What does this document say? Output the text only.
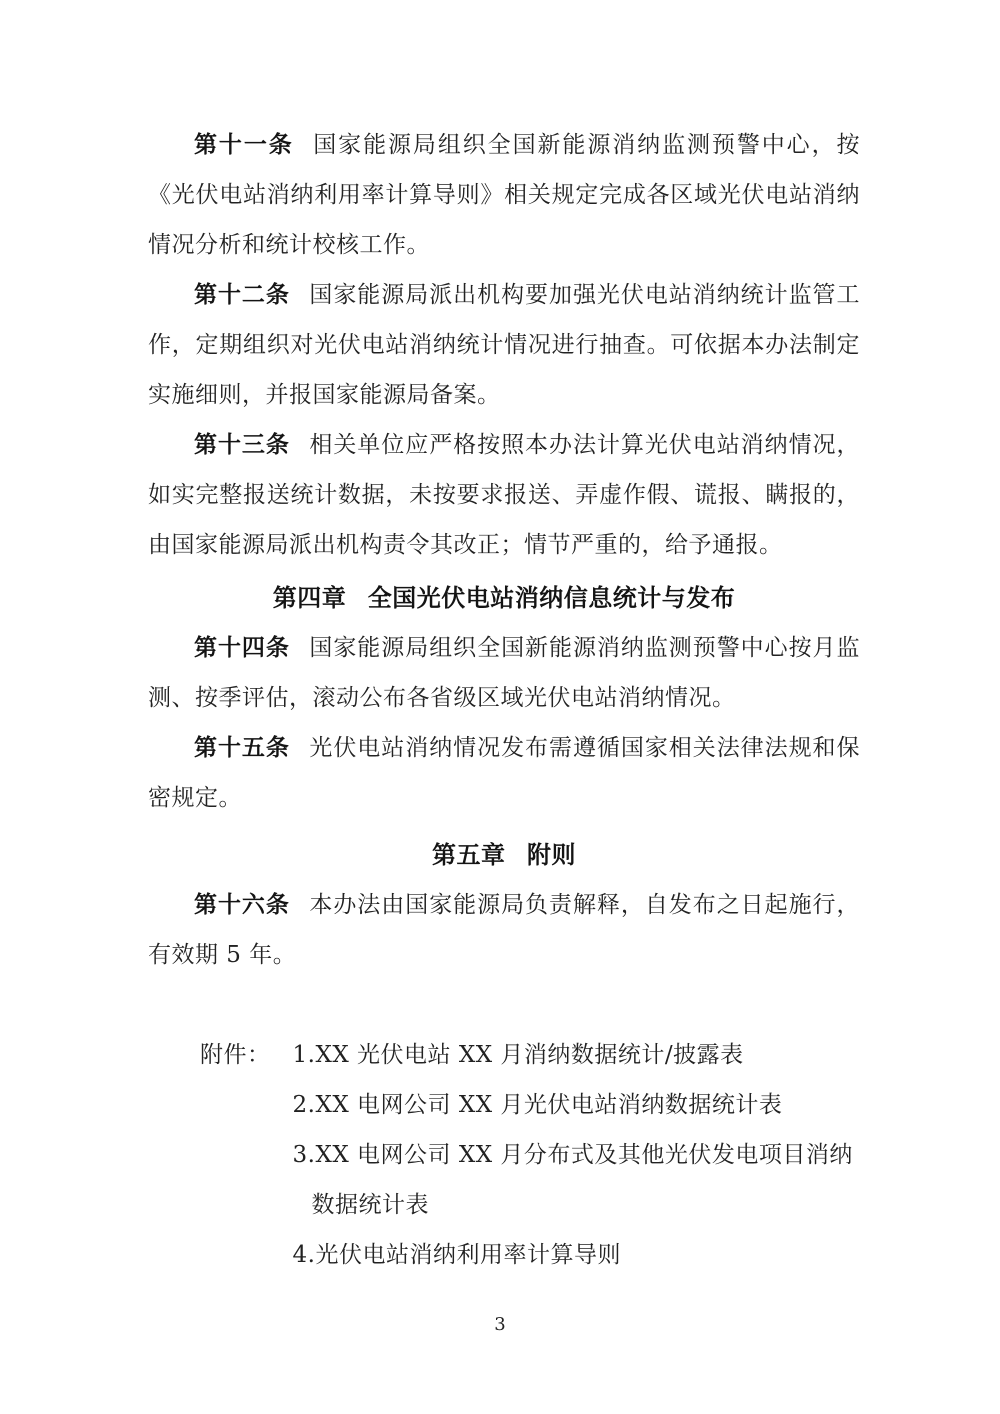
第十一条 国家能源局组织全国新能源消纳监测预警中心，按《光伏电站消纳利用率计算导则》相关规定完成各区域光伏电站消纳情况分析和统计校核工作。

第十二条 国家能源局派出机构要加强光伏电站消纳统计监管工作，定期组织对光伏电站消纳统计情况进行抽查。可依据本办法制定实施细则，并报国家能源局备案。

第十三条 相关单位应严格按照本办法计算光伏电站消纳情况，如实完整报送统计数据，未按要求报送、弄虚作假、谎报、瞒报的，由国家能源局派出机构责令其改正；情节严重的，给予通报。

第四章 全国光伏电站消纳信息统计与发布

第十四条 国家能源局组织全国新能源消纳监测预警中心按月监测、按季评估，滚动公布各省级区域光伏电站消纳情况。

第十五条 光伏电站消纳情况发布需遵循国家相关法律法规和保密规定。

第五章 附则

第十六条 本办法由国家能源局负责解释，自发布之日起施行，有效期 5 年。

附件： 1.XX 光伏电站 XX 月消纳数据统计/披露表
2.XX 电网公司 XX 月光伏电站消纳数据统计表
3.XX 电网公司 XX 月分布式及其他光伏发电项目消纳数据统计表
4.光伏电站消纳利用率计算导则
3
